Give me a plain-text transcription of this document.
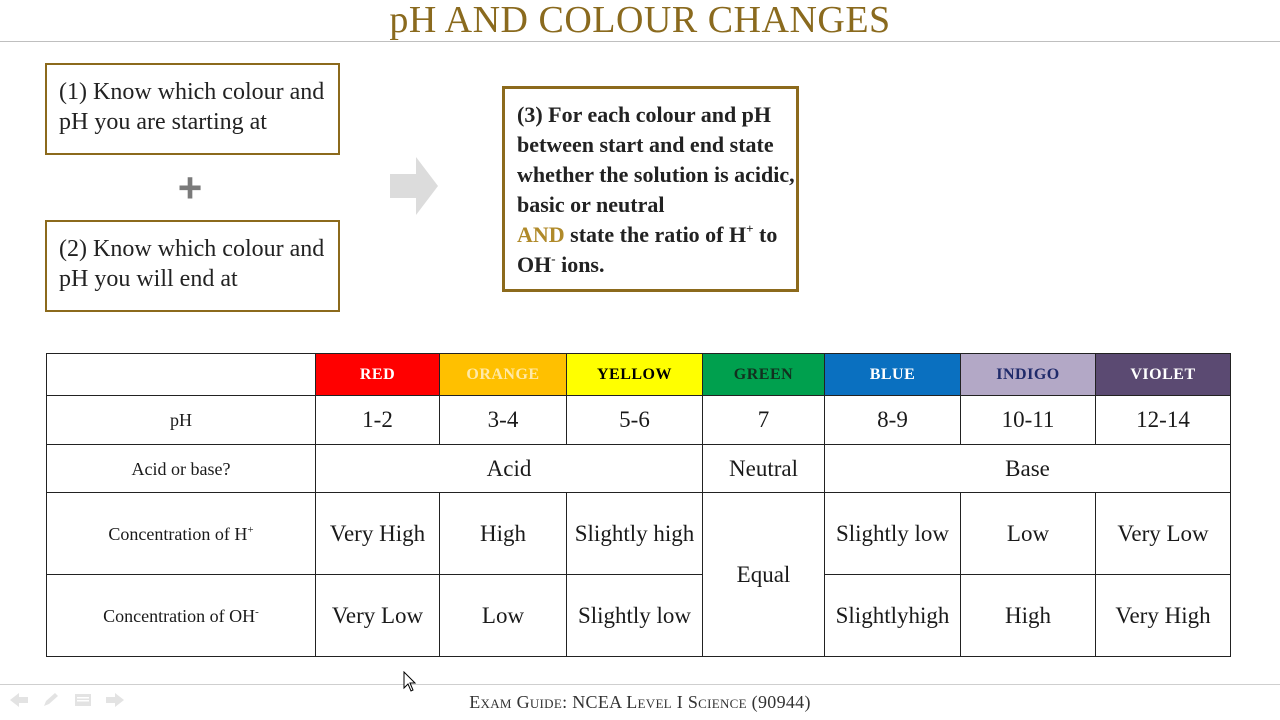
pH AND COLOUR CHANGES
(1) Know which colour and pH you are starting at
+
(2) Know which colour and pH you will end at
(3) For each colour and pH between start and end state whether the solution is acidic, basic or neutral
AND state the ratio of H+ to OH- ions.
	RED	ORANGE	YELLOW	GREEN	BLUE	INDIGO	VIOLET
pH	1-2	3-4	5-6	7	8-9	10-11	12-14
Acid or base?	Acid			Neutral	Base		
Concentration of H+	Very High	High	Slightly high	Equal	Slightly low	Low	Very Low
Concentration of OH-	Very Low	Low	Slightly low		Slightlyhigh	High	Very High
Exam Guide: NCEA Level I Science (90944)
